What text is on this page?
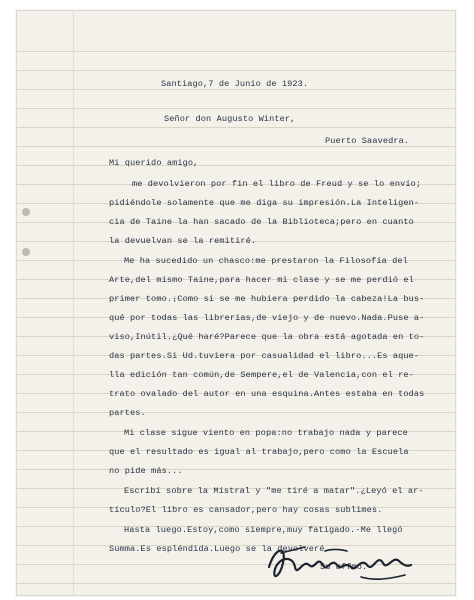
Santiago,7 de Junio de 1923.

Señor don Augusto Winter,

Puerto Saavedra.

Mi querido amigo,

me devolvieron por fin el libro de Freud y se lo envío;

pidiéndole solamente que me diga su impresión.La Inteligen-

cia de Taine la han sacado de la Biblioteca;pero en cuanto

la devuelvan se la remitiré.

Me ha sucedido un chasco:me prestaron la Filosofía del

Arte,del mismo Taine,para hacer mi clase y se me perdió el

primer tomo.¡Como si se me hubiera perdido la cabeza!La bus-

qué por todas las librerías,de viejo y de nuevo.Nada.Puse a-

viso,Inútil.¿Qué haré?Parece que la obra está agotada en to-

das partes.Si Ud.tuviera por casualidad el libro...Es aque-

lla edición tan común,de Sempere,el de Valencia,con el re-

trato ovalado del autor en una esquina.Antes estaba en todas

partes.

Mi clase sigue viento en popa:no trabajo nada y parece

que el resultado es igual al trabajo,pero como la Escuela

no pide más...

Escribí sobre la Mistral y "me tiré a matar".¿Leyó el ar-

tículo?El libro es cansador,pero hay cosas sublimes.

Hasta luego.Estoy,como siempre,muy fatigado.-Me llegó

Summa.Es espléndida.Luego se la devolveré.

Su affmo.
